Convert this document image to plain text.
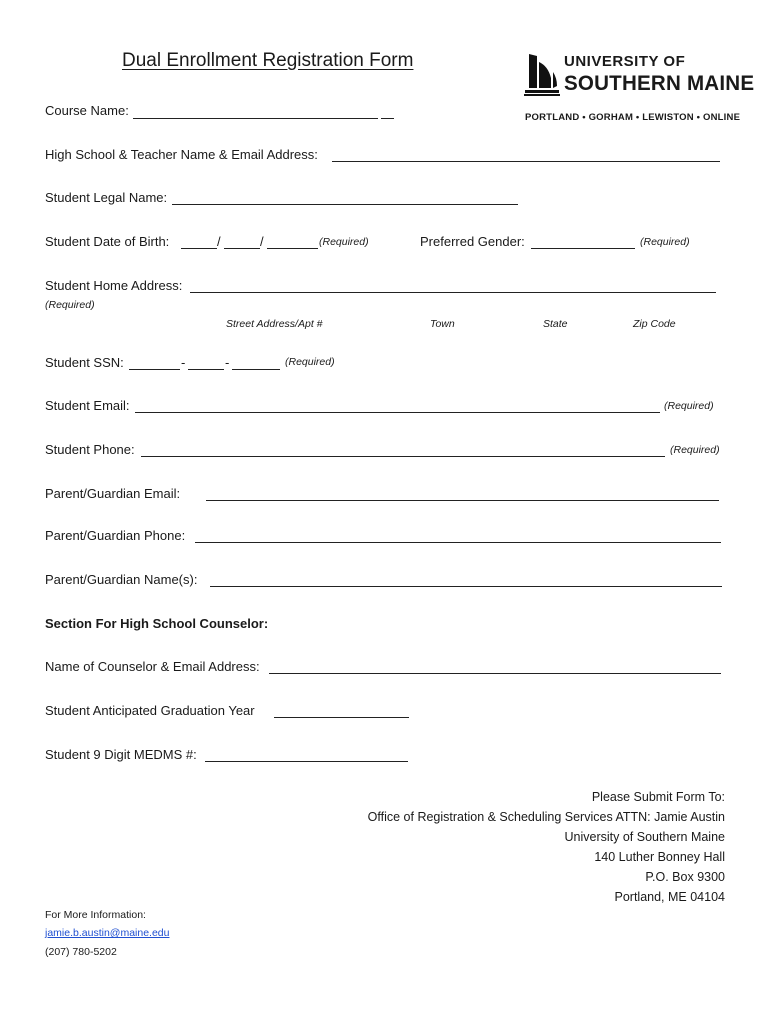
Dual Enrollment Registration Form	UNIVERSITY OF
SOUTHERN MAINE
PORTLAND • GORHAM • LEWISTON • ONLINE
Course Name:
High School & Teacher Name & Email Address:
Student Legal Name:
Student Date of Birth:	/	/	(Required)	Preferred Gender:	(Required)
Student Home Address:
(Required)
Street Address/Apt #	Town	State	Zip Code
Student SSN:	-	-	(Required)
Student Email:	(Required)
Student Phone:	(Required)
Parent/Guardian Email:
Parent/Guardian Phone:
Parent/Guardian Name(s):
Section For High School Counselor:
Name of Counselor & Email Address:
Student Anticipated Graduation Year
Student 9 Digit MEDMS #:
Please Submit Form To:
Office of Registration & Scheduling Services ATTN: Jamie Austin
University of Southern Maine
140 Luther Bonney Hall
P.O. Box 9300
Portland, ME 04104
For More Information:
jamie.b.austin@maine.edu
(207) 780-5202
